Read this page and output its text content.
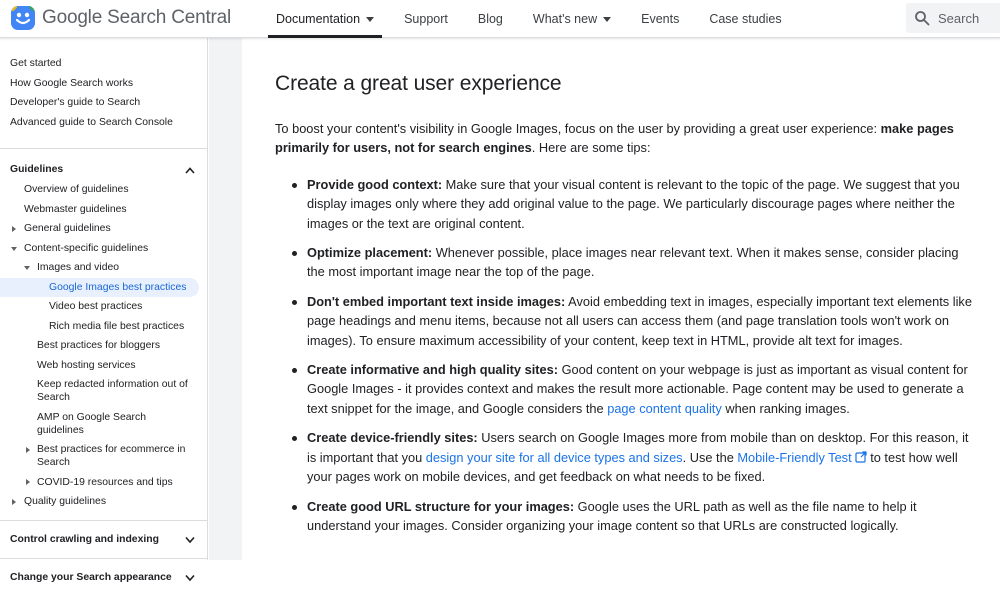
Google Search Central	Documentation	Support Blog What's new	Events Case studies	Search
Get started
How Google Search works
Developer's guide to Search
Advanced guide to Search Console
Guidelines
Overview of guidelines
Webmaster guidelines
General guidelines
Content-specific guidelines
Images and video
Google Images best practices
Video best practices
Rich media file best practices
Best practices for bloggers
Web hosting services
Keep redacted information out of Search
AMP on Google Search guidelines
Best practices for ecommerce in Search
COVID-19 resources and tips
Quality guidelines
Control crawling and indexing
Change your Search appearance
Create a great user experience

To boost your content's visibility in Google Images, focus on the user by providing a great user experience: make pages primarily for users, not for search engines. Here are some tips:

Provide good context: Make sure that your visual content is relevant to the topic of the page. We suggest that you display images only where they add original value to the page. We particularly discourage pages where neither the images or the text are original content.
Optimize placement: Whenever possible, place images near relevant text. When it makes sense, consider placing the most important image near the top of the page.
Don't embed important text inside images: Avoid embedding text in images, especially important text elements like page headings and menu items, because not all users can access them (and page translation tools won't work on images). To ensure maximum accessibility of your content, keep text in HTML, provide alt text for images.
Create informative and high quality sites: Good content on your webpage is just as important as visual content for Google Images - it provides context and makes the result more actionable. Page content may be used to generate a text snippet for the image, and Google considers the page content quality when ranking images.
Create device-friendly sites: Users search on Google Images more from mobile than on desktop. For this reason, it is important that you design your site for all device types and sizes. Use the Mobile-Friendly Test to test how well your pages work on mobile devices, and get feedback on what needs to be fixed.
Create good URL structure for your images: Google uses the URL path as well as the file name to help it understand your images. Consider organizing your image content so that URLs are constructed logically.
